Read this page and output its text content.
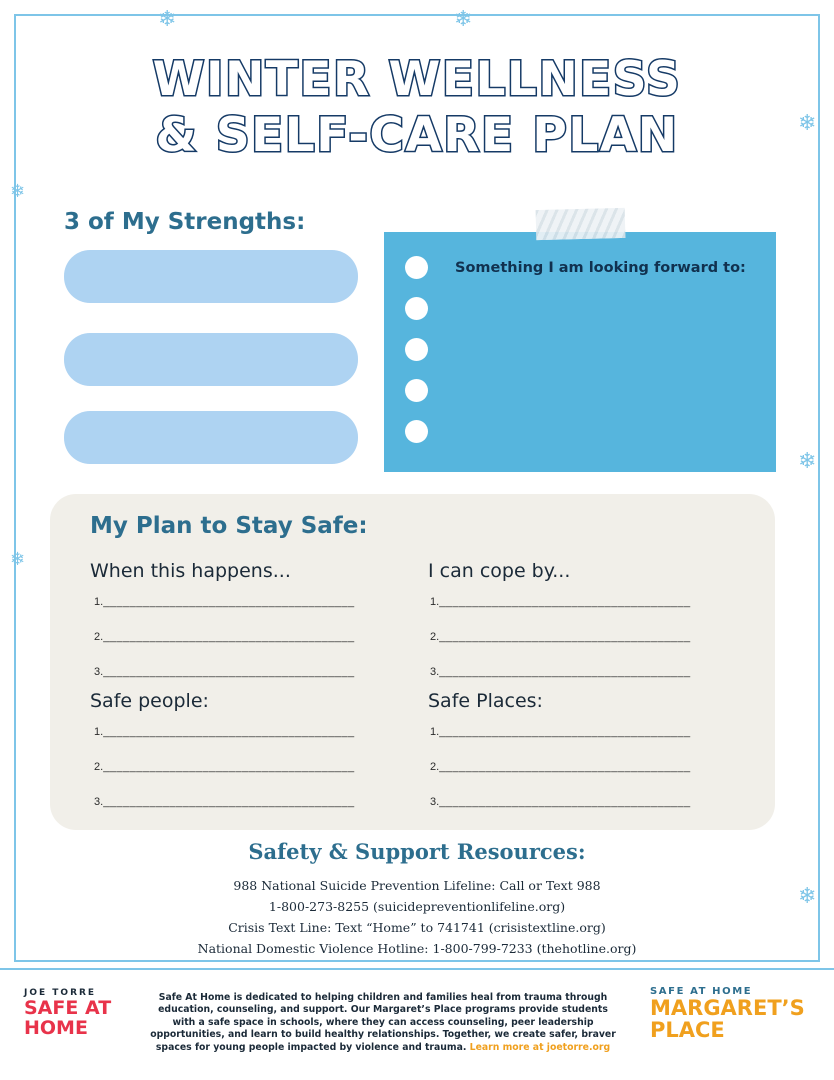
❄	❄
❄
❄
❄
❄
❄
WINTER WELLNESS
& SELF-CARE PLAN
3 of My Strengths:
Something I am looking forward to:
My Plan to Stay Safe:
When this happens...
1.______________________________________
2.______________________________________
3.______________________________________
I can cope by...
1.______________________________________
2.______________________________________
3.______________________________________
Safe people:
1.______________________________________
2.______________________________________
3.______________________________________
Safe Places:
1.______________________________________
2.______________________________________
3.______________________________________
Safety & Support Resources:
988 National Suicide Prevention Lifeline: Call or Text 988
1-800-273-8255 (suicidepreventionlifeline.org)
Crisis Text Line: Text “Home” to 741741 (crisistextline.org)
National Domestic Violence Hotline: 1-800-799-7233 (thehotline.org)
JOE TORRE
SAFE AT
HOME
Safe At Home is dedicated to helping children and families heal from trauma through education, counseling, and support. Our Margaret’s Place programs provide students with a safe space in schools, where they can access counseling, peer leadership opportunities, and learn to build healthy relationships. Together, we create safer, braver spaces for young people impacted by violence and trauma. Learn more at joetorre.org
SAFE AT HOME
MARGARET’S
PLACE
